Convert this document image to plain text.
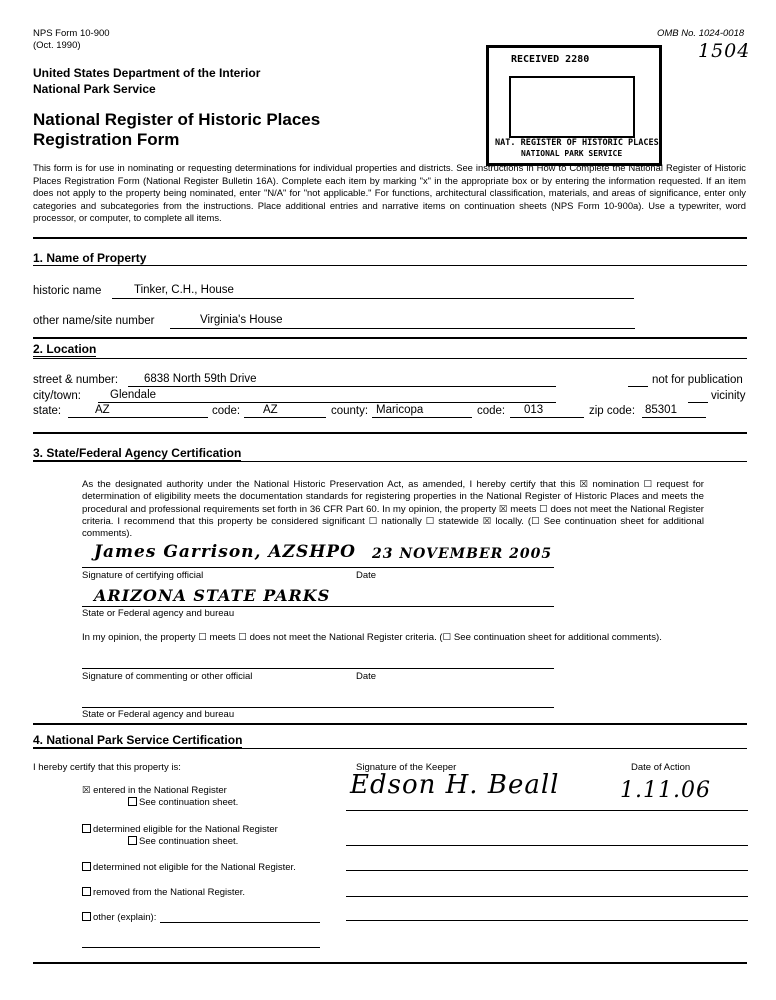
NPS Form 10-900
(Oct. 1990)
OMB No. 1024-0018
1504
United States Department of the Interior
National Park Service
National Register of Historic Places
Registration Form
RECEIVED 2280
NAT. REGISTER OF HISTORIC PLACES
NATIONAL PARK SERVICE
This form is for use in nominating or requesting determinations for individual properties and districts. See instructions in How to Complete the National Register of Historic Places Registration Form (National Register Bulletin 16A). Complete each item by marking "x" in the appropriate box or by entering the information requested. If an item does not apply to the property being nominated, enter "N/A" for "not applicable." For functions, architectural classification, materials, and areas of significance, enter only categories and subcategories from the instructions. Place additional entries and narrative items on continuation sheets (NPS Form 10-900a). Use a typewriter, word processor, or computer, to complete all items.
1. Name of Property
historic name	Tinker, C.H., House
other name/site number	Virginia's House
2. Location
street & number: 6838 North 59th Drive	not for publication
city/town:	Glendale	vicinity
state:	AZ	code: AZ	county: Maricopa	code: 013	zip code: 85301
3. State/Federal Agency Certification
As the designated authority under the National Historic Preservation Act, as amended, I hereby certify that this ☒ nomination ☐ request for determination of eligibility meets the documentation standards for registering properties in the National Register of Historic Places and meets the procedural and professional requirements set forth in 36 CFR Part 60. In my opinion, the property ☒ meets ☐ does not meet the National Register criteria. I recommend that this property be considered significant ☐ nationally ☐ statewide ☒ locally. (☐ See continuation sheet for additional comments).
James Garrison, AZSHPO 23 NOVEMBER 2005
Signature of certifying official	Date
ARIZONA STATE PARKS
State or Federal agency and bureau
In my opinion, the property ☐ meets ☐ does not meet the National Register criteria. (☐ See continuation sheet for additional comments).
Signature of commenting or other official	Date
State or Federal agency and bureau
4. National Park Service Certification
I hereby certify that this property is:	Signature of the Keeper	Date of Action
Edson H. Beall	1.11.06
☒ entered in the National Register
See continuation sheet.
determined eligible for the National Register
See continuation sheet.
determined not eligible for the National Register.
removed from the National Register.
other (explain):
